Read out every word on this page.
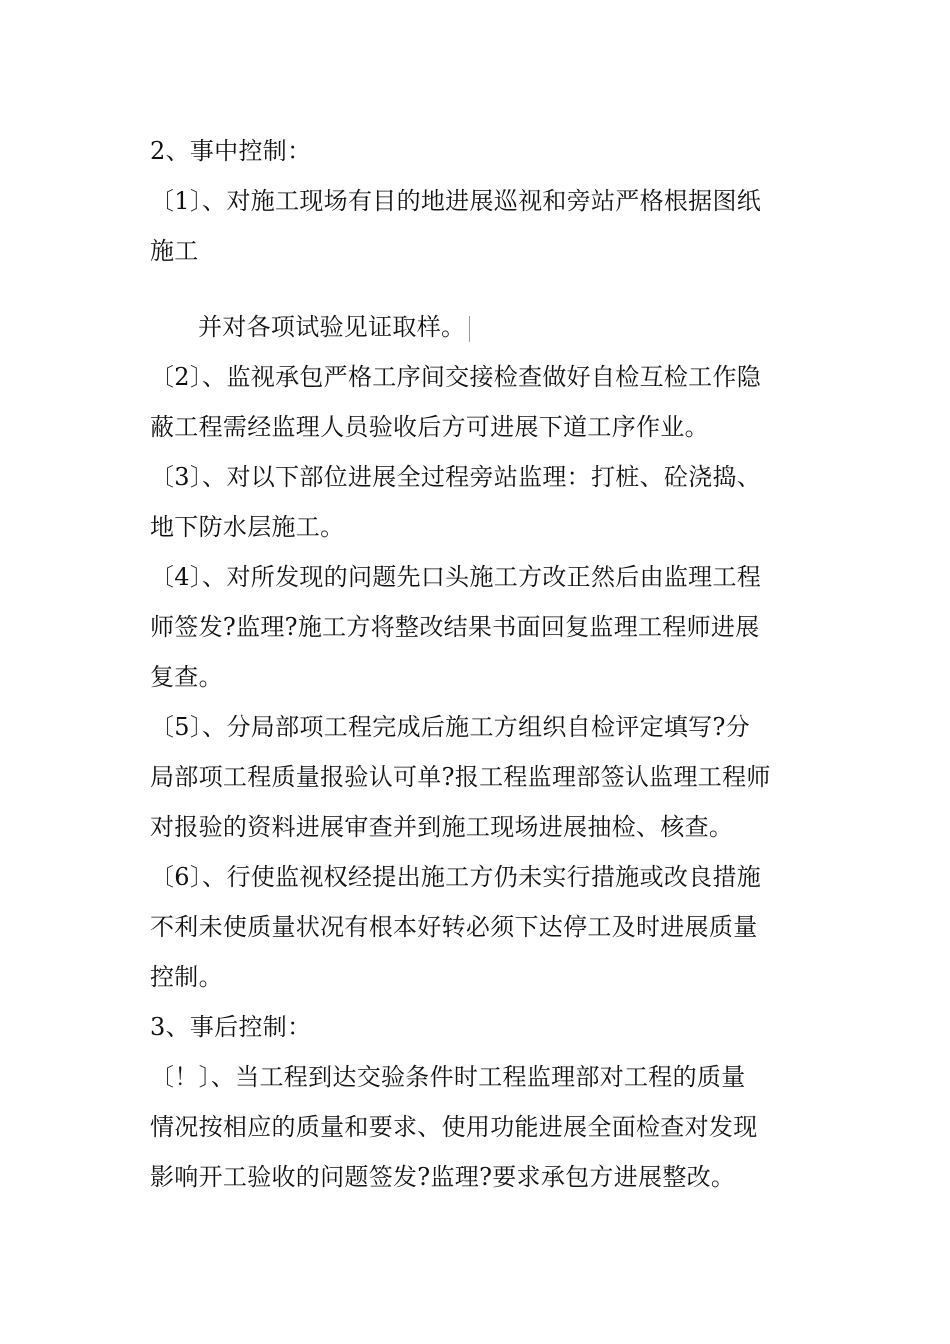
2、事中控制：
〔1〕、对施工现场有目的地进展巡视和旁站严格根据图纸
施工
并对各项试验见证取样。
〔2〕、监视承包严格工序间交接检查做好自检互检工作隐
蔽工程需经监理人员验收后方可进展下道工序作业。
〔3〕、对以下部位进展全过程旁站监理：打桩、砼浇捣、
地下防水层施工。
〔4〕、对所发现的问题先口头施工方改正然后由监理工程
师签发?监理?施工方将整改结果书面回复监理工程师进展
复查。
〔5〕、分局部项工程完成后施工方组织自检评定填写?分
局部项工程质量报验认可单?报工程监理部签认监理工程师
对报验的资料进展审查并到施工现场进展抽检、核查。
〔6〕、行使监视权经提出施工方仍未实行措施或改良措施
不利未使质量状况有根本好转必须下达停工及时进展质量
控制。
3、事后控制：
〔！〕、当工程到达交验条件时工程监理部对工程的质量
情况按相应的质量和要求、使用功能进展全面检查对发现
影响开工验收的问题签发?监理?要求承包方进展整改。
